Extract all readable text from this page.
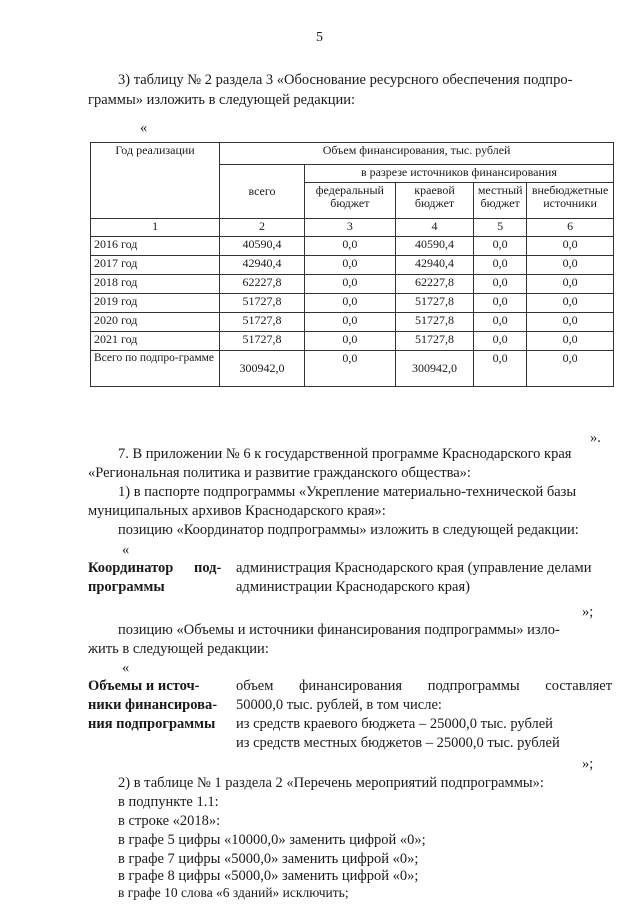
5
3) таблицу № 2 раздела 3 «Обоснование ресурсного обеспечения подпро-
граммы» изложить в следующей редакции:
«
Год реализации	Объем финансирования, тыс. рублей				
	всего	в разрезе источников финансирования			
		федеральный бюджет	краевой бюджет	местный бюджет	внебюджетные источники
1	2	3	4	5	6
2016 год	40590,4	0,0	40590,4	0,0	0,0
2017 год	42940,4	0,0	42940,4	0,0	0,0
2018 год	62227,8	0,0	62227,8	0,0	0,0
2019 год	51727,8	0,0	51727,8	0,0	0,0
2020 год	51727,8	0,0	51727,8	0,0	0,0
2021 год	51727,8	0,0	51727,8	0,0	0,0
Всего по подпро-грамме	300942,0	0,0	300942,0	0,0	0,0
».
7. В приложении № 6 к государственной программе Краснодарского края
«Региональная политика и развитие гражданского общества»:
1) в паспорте подпрограммы «Укрепление материально-технической базы
муниципальных архивов Краснодарского края»:
позицию «Координатор подпрограммы» изложить в следующей редакции:
«
Координатор под-
программы
администрация Краснодарского края (управление делами
администрации Краснодарского края)
»;
позицию «Объемы и источники финансирования подпрограммы» изло-
жить в следующей редакции:
«
Объемы и источ-
ники финансирова-
ния подпрограммы
объем финансирования подпрограммы составляет
50000,0 тыс. рублей, в том числе:
из средств краевого бюджета – 25000,0 тыс. рублей
из средств местных бюджетов – 25000,0 тыс. рублей
»;
2) в таблице № 1 раздела 2 «Перечень мероприятий подпрограммы»:
в подпункте 1.1:
в строке «2018»:
в графе 5 цифры «10000,0» заменить цифрой «0»;
в графе 7 цифры «5000,0» заменить цифрой «0»;
в графе 8 цифры «5000,0» заменить цифрой «0»;
в графе 10 слова «6 зданий» исключить;
